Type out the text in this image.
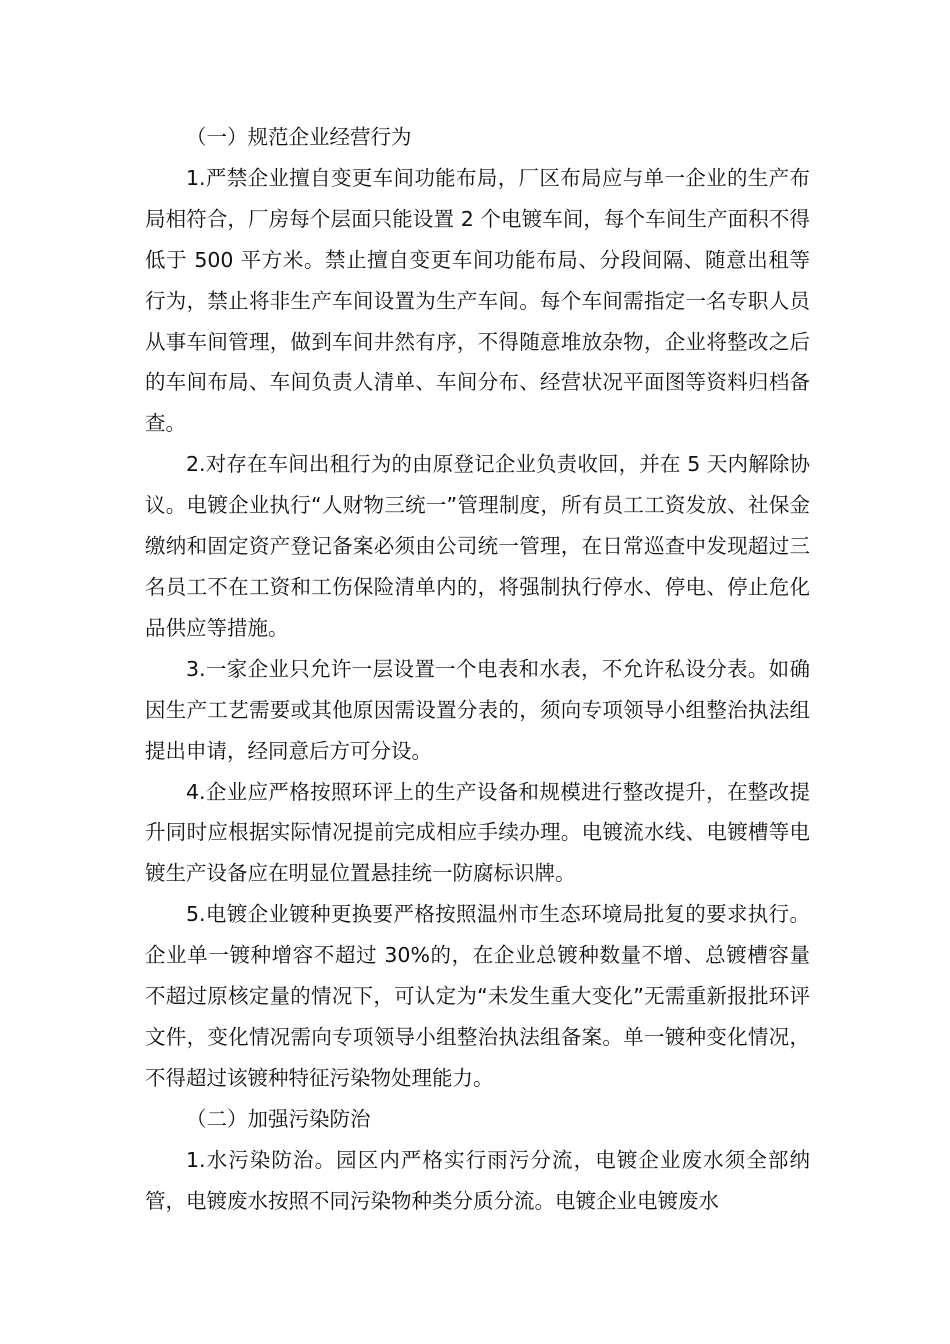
（一）规范企业经营行为

1.严禁企业擅自变更车间功能布局，厂区布局应与单一企业的生产布局相符合，厂房每个层面只能设置 2 个电镀车间，每个车间生产面积不得低于 500 平方米。禁止擅自变更车间功能布局、分段间隔、随意出租等行为，禁止将非生产车间设置为生产车间。每个车间需指定一名专职人员从事车间管理，做到车间井然有序，不得随意堆放杂物，企业将整改之后的车间布局、车间负责人清单、车间分布、经营状况平面图等资料归档备查。

2.对存在车间出租行为的由原登记企业负责收回，并在 5 天内解除协议。电镀企业执行“人财物三统一”管理制度，所有员工工资发放、社保金缴纳和固定资产登记备案必须由公司统一管理，在日常巡查中发现超过三名员工不在工资和工伤保险清单内的，将强制执行停水、停电、停止危化品供应等措施。

3.一家企业只允许一层设置一个电表和水表，不允许私设分表。如确因生产工艺需要或其他原因需设置分表的，须向专项领导小组整治执法组提出申请，经同意后方可分设。

4.企业应严格按照环评上的生产设备和规模进行整改提升，在整改提升同时应根据实际情况提前完成相应手续办理。电镀流水线、电镀槽等电镀生产设备应在明显位置悬挂统一防腐标识牌。

5.电镀企业镀种更换要严格按照温州市生态环境局批复的要求执行。企业单一镀种增容不超过 30%的，在企业总镀种数量不增、总镀槽容量不超过原核定量的情况下，可认定为“未发生重大变化”无需重新报批环评文件，变化情况需向专项领导小组整治执法组备案。单一镀种变化情况，不得超过该镀种特征污染物处理能力。

（二）加强污染防治

1.水污染防治。园区内严格实行雨污分流，电镀企业废水须全部纳管，电镀废水按照不同污染物种类分质分流。电镀企业电镀废水
